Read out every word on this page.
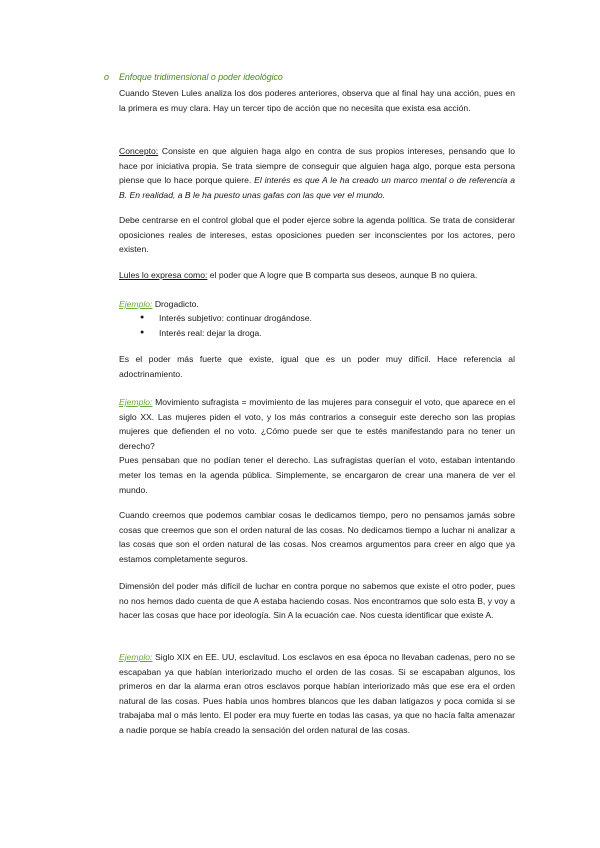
o Enfoque tridimensional o poder ideológico
Cuando Steven Lules analiza los dos poderes anteriores, observa que al final hay una acción, pues en la primera es muy clara. Hay un tercer tipo de acción que no necesita que exista esa acción.
Concepto: Consiste en que alguien haga algo en contra de sus propios intereses, pensando que lo hace por iniciativa propia. Se trata siempre de conseguir que alguien haga algo, porque esta persona piense que lo hace porque quiere. El interés es que A le ha creado un marco mental o de referencia a B. En realidad, a B le ha puesto unas gafas con las que ver el mundo.
Debe centrarse en el control global que el poder ejerce sobre la agenda política. Se trata de considerar oposiciones reales de intereses, estas oposiciones pueden ser inconscientes por los actores, pero existen.
Lules lo expresa como: el poder que A logre que B comparta sus deseos, aunque B no quiera.
Ejemplo: Drogadicto.
● Interés subjetivo: continuar drogándose.
● Interés real: dejar la droga.
Es el poder más fuerte que existe, igual que es un poder muy difícil. Hace referencia al adoctrinamiento.
Ejemplo: Movimiento sufragista = movimiento de las mujeres para conseguir el voto, que aparece en el siglo XX. Las mujeres piden el voto, y los más contrarios a conseguir este derecho son las propias mujeres que defienden el no voto. ¿Cómo puede ser que te estés manifestando para no tener un derecho?
Pues pensaban que no podían tener el derecho. Las sufragistas querían el voto, estaban intentando meter los temas en la agenda pública. Simplemente, se encargaron de crear una manera de ver el mundo.
Cuando creemos que podemos cambiar cosas le dedicamos tiempo, pero no pensamos jamás sobre cosas que creemos que son el orden natural de las cosas. No dedicamos tiempo a luchar ni analizar a las cosas que son el orden natural de las cosas. Nos creamos argumentos para creer en algo que ya estamos completamente seguros.
Dimensión del poder más difícil de luchar en contra porque no sabemos que existe el otro poder, pues no nos hemos dado cuenta de que A estaba haciendo cosas. Nos encontramos que solo esta B, y voy a hacer las cosas que hace por ideología. Sin A la ecuación cae. Nos cuesta identificar que existe A.
Ejemplo: Siglo XIX en EE. UU, esclavitud. Los esclavos en esa época no llevaban cadenas, pero no se escapaban ya que habían interiorizado mucho el orden de las cosas. Si se escapaban algunos, los primeros en dar la alarma eran otros esclavos porque habían interiorizado más que ese era el orden natural de las cosas. Pues había unos hombres blancos que les daban latigazos y poca comida si se trabajaba mal o más lento. El poder era muy fuerte en todas las casas, ya que no hacía falta amenazar a nadie porque se había creado la sensación del orden natural de las cosas.
